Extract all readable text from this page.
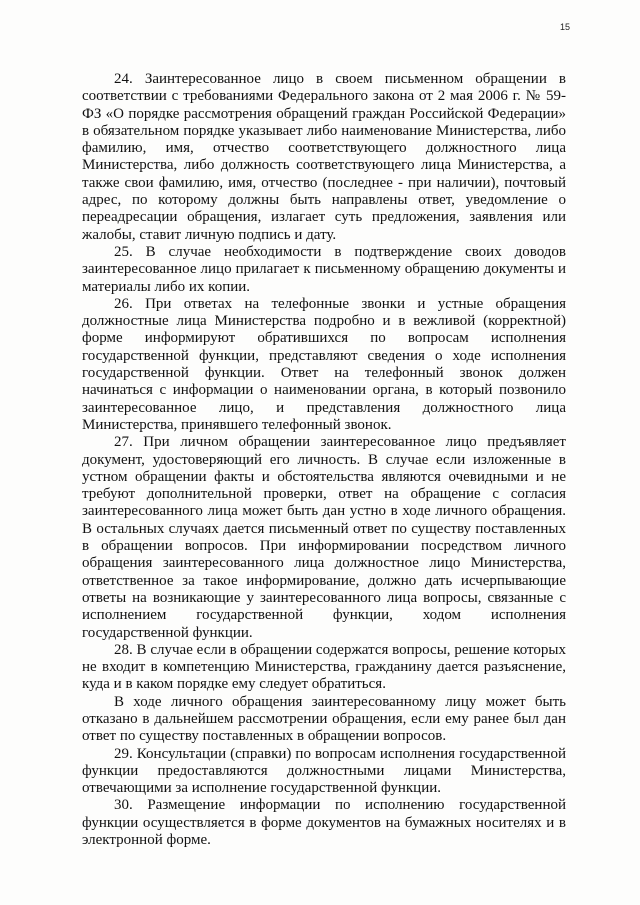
15

24. Заинтересованное лицо в своем письменном обращении в соответствии с требованиями Федерального закона от 2 мая 2006 г. № 59-ФЗ «О порядке рассмотрения обращений граждан Российской Федерации» в обязательном порядке указывает либо наименование Министерства, либо фамилию, имя, отчество соответствующего должностного лица Министерства, либо должность соответствующего лица Министерства, а также свои фамилию, имя, отчество (последнее - при наличии), почтовый адрес, по которому должны быть направлены ответ, уведомление о переадресации обращения, излагает суть предложения, заявления или жалобы, ставит личную подпись и дату.

25. В случае необходимости в подтверждение своих доводов заинтересованное лицо прилагает к письменному обращению документы и материалы либо их копии.

26. При ответах на телефонные звонки и устные обращения должностные лица Министерства подробно и в вежливой (корректной) форме информируют обратившихся по вопросам исполнения государственной функции, представляют сведения о ходе исполнения государственной функции. Ответ на телефонный звонок должен начинаться с информации о наименовании органа, в который позвонило заинтересованное лицо, и представления должностного лица Министерства, принявшего телефонный звонок.

27. При личном обращении заинтересованное лицо предъявляет документ, удостоверяющий его личность. В случае если изложенные в устном обращении факты и обстоятельства являются очевидными и не требуют дополнительной проверки, ответ на обращение с согласия заинтересованного лица может быть дан устно в ходе личного обращения. В остальных случаях дается письменный ответ по существу поставленных в обращении вопросов. При информировании посредством личного обращения заинтересованного лица должностное лицо Министерства, ответственное за такое информирование, должно дать исчерпывающие ответы на возникающие у заинтересованного лица вопросы, связанные с исполнением государственной функции, ходом исполнения государственной функции.

28. В случае если в обращении содержатся вопросы, решение которых не входит в компетенцию Министерства, гражданину дается разъяснение, куда и в каком порядке ему следует обратиться.

В ходе личного обращения заинтересованному лицу может быть отказано в дальнейшем рассмотрении обращения, если ему ранее был дан ответ по существу поставленных в обращении вопросов.

29. Консультации (справки) по вопросам исполнения государственной функции предоставляются должностными лицами Министерства, отвечающими за исполнение государственной функции.

30. Размещение информации по исполнению государственной функции осуществляется в форме документов на бумажных носителях и в электронной форме.
